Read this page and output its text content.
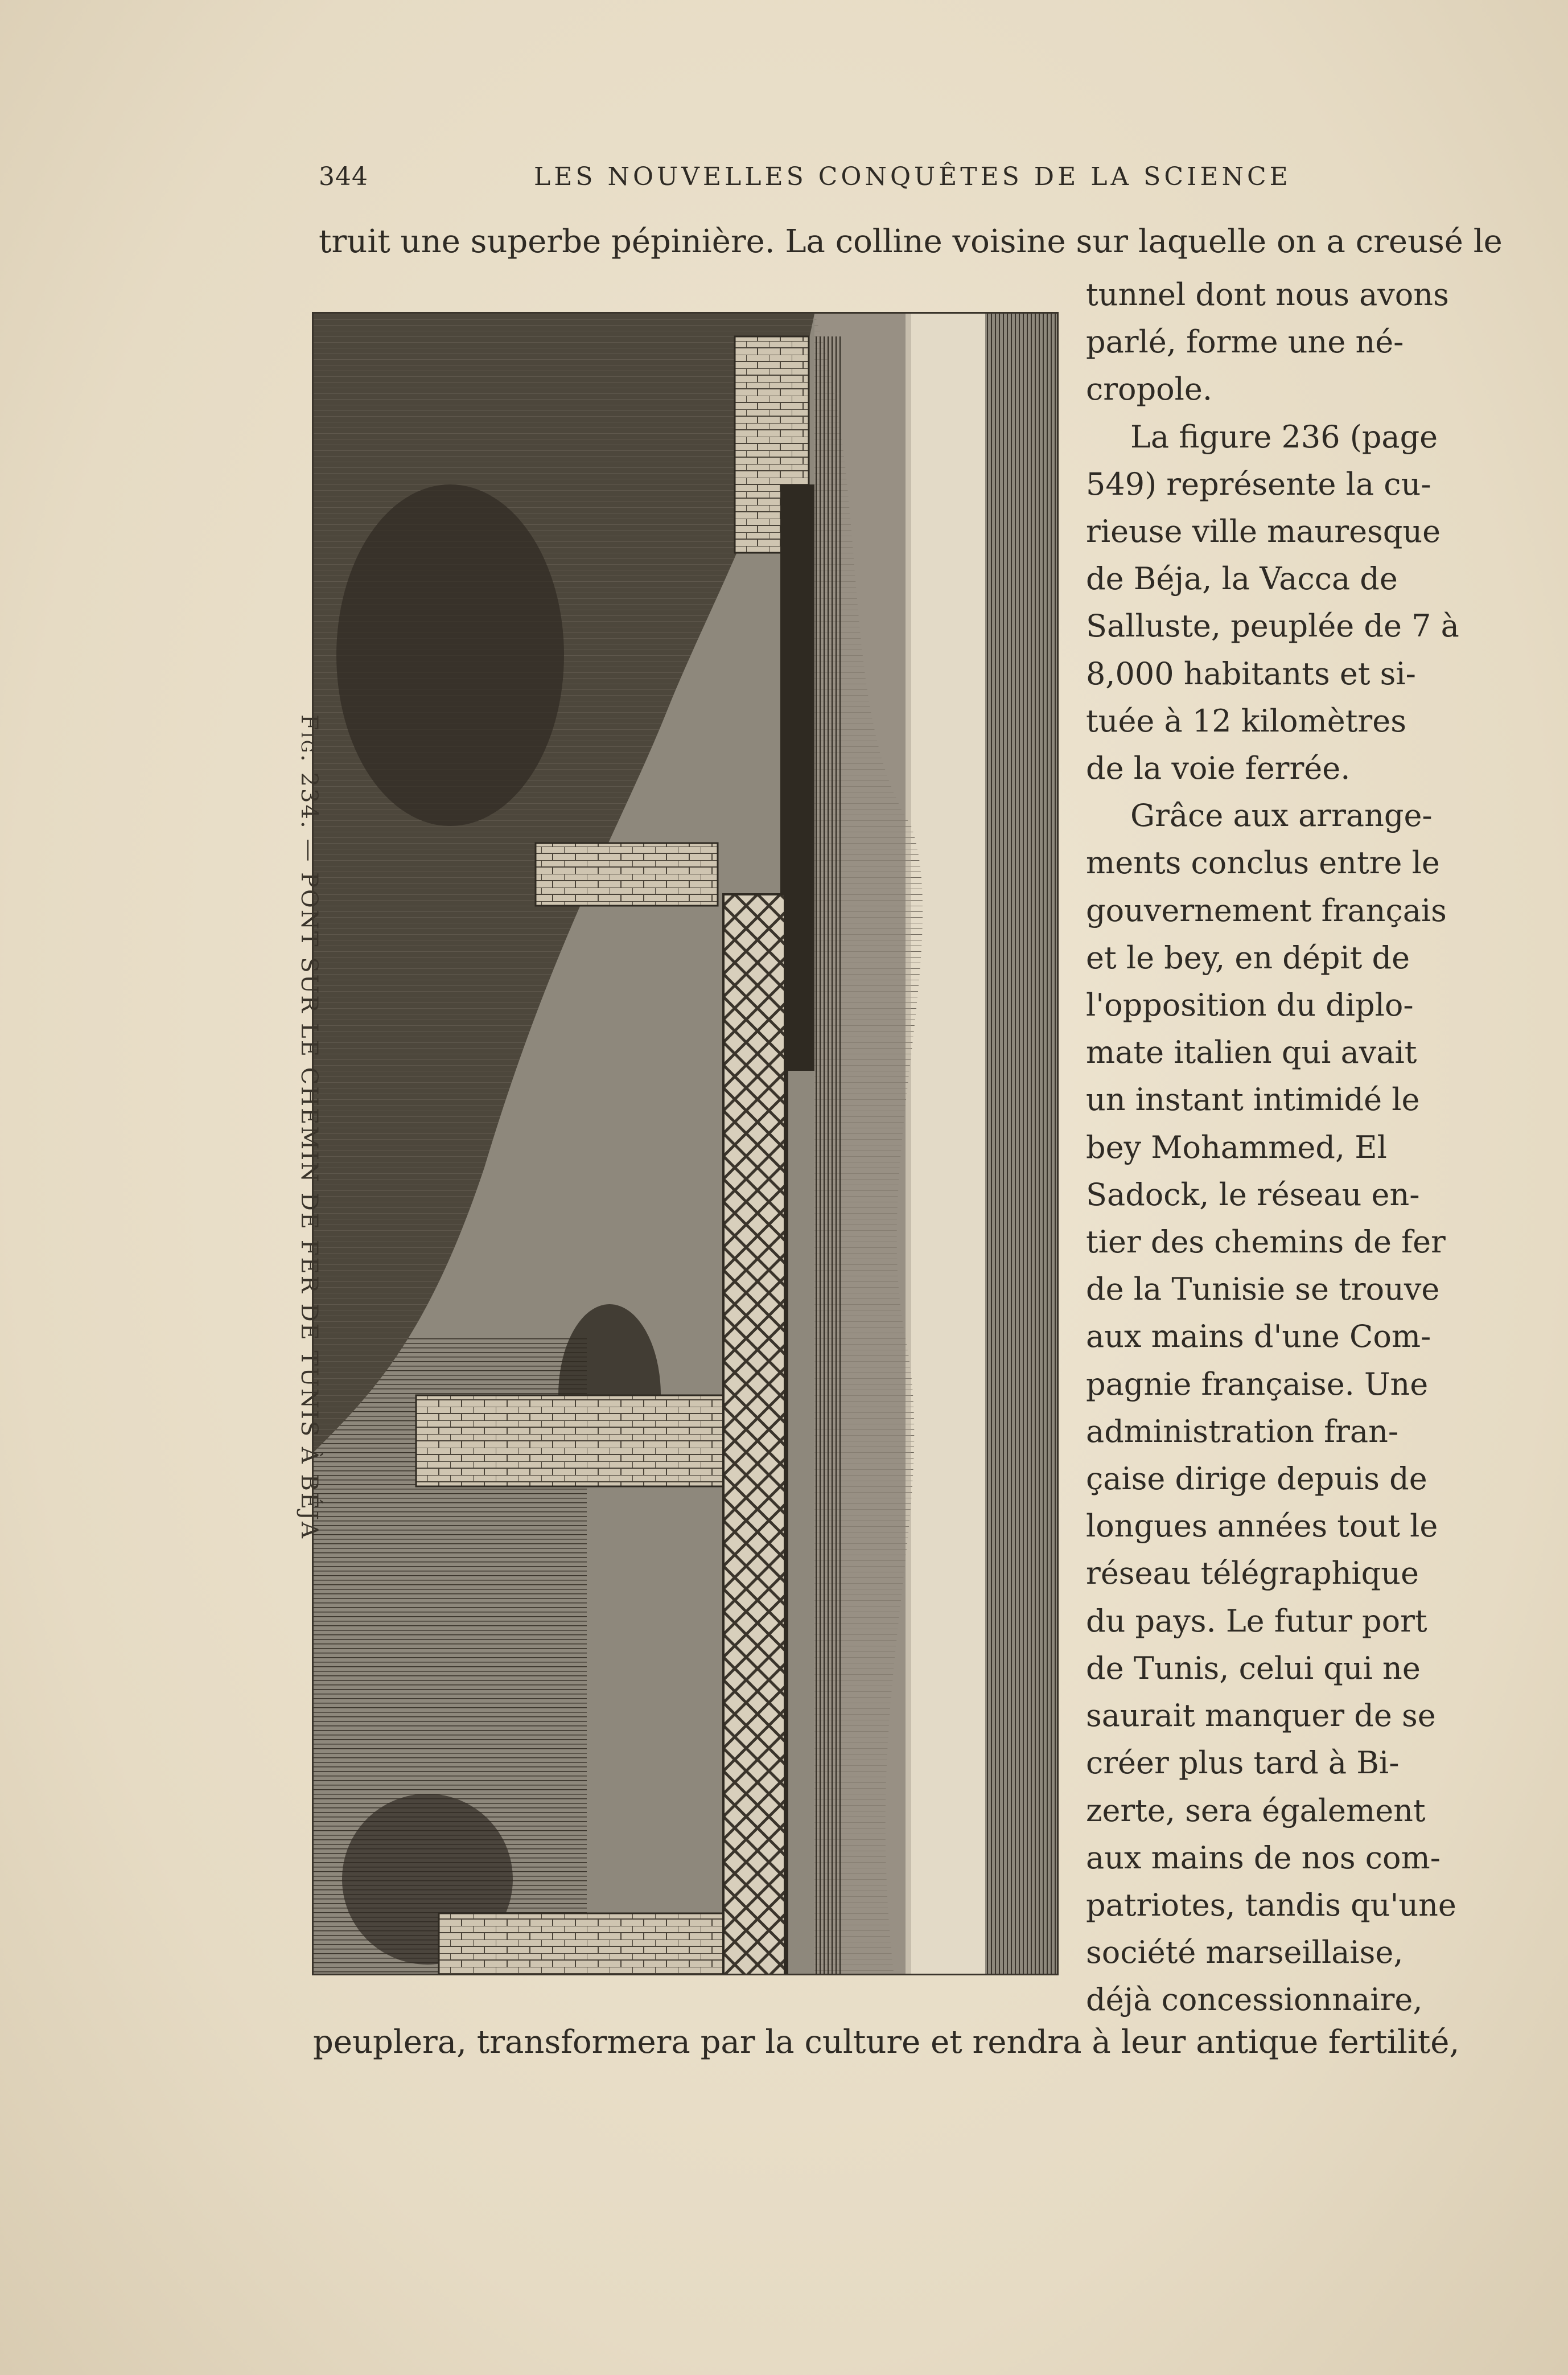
344	LES NOUVELLES CONQUÊTES DE LA SCIENCE
truit une superbe pépinière. La colline voisine sur laquelle on a creusé le
Fig. 234. — PONT SUR LE CHEMIN DE FER DE TUNIS À BÉJA

tunnel dont nous avons

parlé, forme une né-

cropole.

La figure 236 (page

549) représente la cu-

rieuse ville mauresque

de Béja, la Vacca de

Salluste, peuplée de 7 à

8,000 habitants et si-

tuée à 12 kilomètres

de la voie ferrée.

Grâce aux arrange-

ments conclus entre le

gouvernement français

et le bey, en dépit de

l'opposition du diplo-

mate italien qui avait

un instant intimidé le

bey Mohammed, El

Sadock, le réseau en-

tier des chemins de fer

de la Tunisie se trouve

aux mains d'une Com-

pagnie française. Une

administration fran-

çaise dirige depuis de

longues années tout le

réseau télégraphique

du pays. Le futur port

de Tunis, celui qui ne

saurait manquer de se

créer plus tard à Bi-

zerte, sera également

aux mains de nos com-

patriotes, tandis qu'une

société marseillaise,

déjà concessionnaire,

peuplera, transformera par la culture et rendra à leur antique fertilité,
